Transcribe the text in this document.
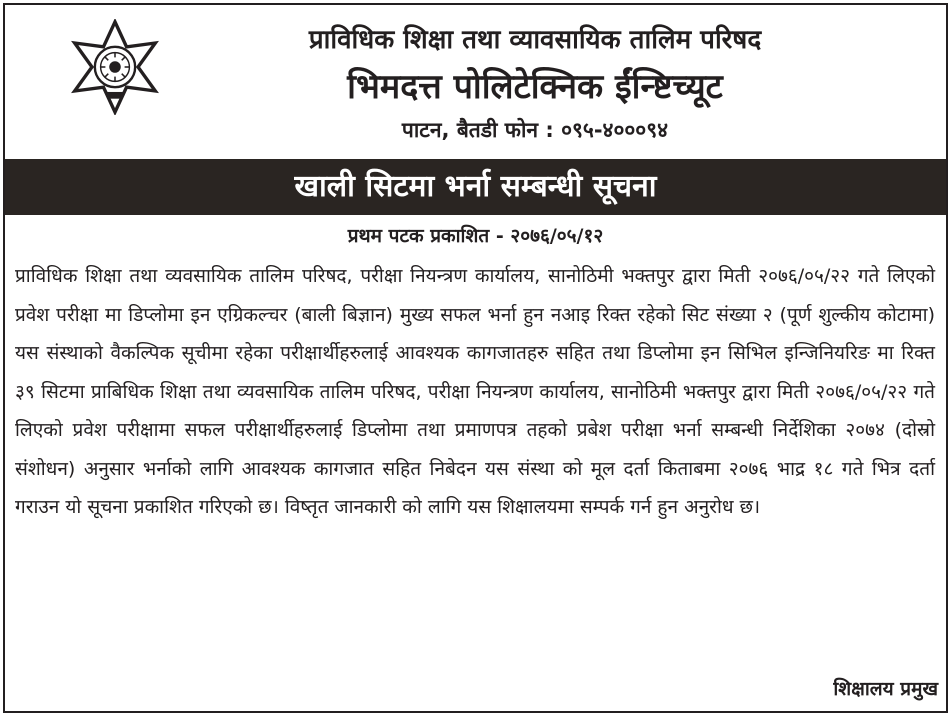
प्राविधिक शिक्षा तथा व्यावसायिक तालिम परिषद
भिमदत्त पोलिटेक्निक ईंन्ष्टिच्यूट
पाटन, बैतडी फोन : ०९५-४०००९४
खाली सिटमा भर्ना सम्बन्धी सूचना
प्रथम पटक प्रकाशित - २०७६/०५/१२

प्राविधिक शिक्षा तथा व्यवसायिक तालिम परिषद, परीक्षा नियन्त्रण कार्यालय, सानोठिमी भक्तपुर द्वारा मिती २०७६/०५/२२ गते लिएको प्रवेश परीक्षा मा डिप्लोमा इन एग्रिकल्चर (बाली बिज्ञान) मुख्य सफल भर्ना हुन नआइ रिक्त रहेको सिट संख्या २ (पूर्ण शुल्कीय कोटामा) यस संस्थाको वैकल्पिक सूचीमा रहेका परीक्षार्थीहरुलाई आवश्यक कागजातहरु सहित तथा डिप्लोमा इन सिभिल इन्जिनियरिङ मा रिक्त ३९ सिटमा प्राबिधिक शिक्षा तथा व्यवसायिक तालिम परिषद, परीक्षा नियन्त्रण कार्यालय, सानोठिमी भक्तपुर द्वारा मिती २०७६/०५/२२ गते लिएको प्रवेश परीक्षामा सफल परीक्षार्थीहरुलाई डिप्लोमा तथा प्रमाणपत्र तहको प्रबेश परीक्षा भर्ना सम्बन्धी निर्देशिका २०७४ (दोस्रो संशोधन) अनुसार भर्नाको लागि आवश्यक कागजात सहित निबेदन यस संस्था को मूल दर्ता किताबमा २०७६ भाद्र १८ गते भित्र दर्ता गराउन यो सूचना प्रकाशित गरिएको छ। विष्तृत जानकारी को लागि यस शिक्षालयमा सम्पर्क गर्न हुन अनुरोध छ।

शिक्षालय प्रमुख
